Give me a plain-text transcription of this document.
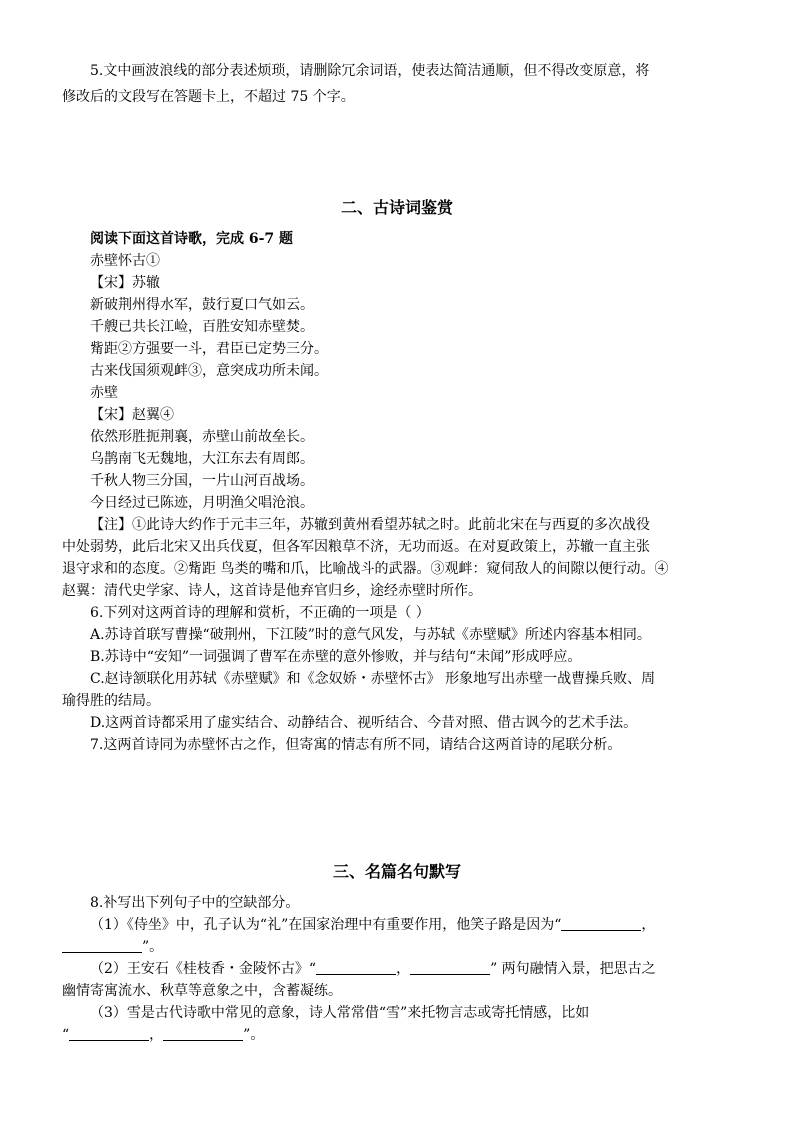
5.文中画波浪线的部分表述烦琐，请删除冗余词语，使表达简洁通顺，但不得改变原意，将
修改后的文段写在答题卡上，不超过 75 个字。
二、古诗词鉴赏
阅读下面这首诗歌，完成 6-7 题
赤壁怀古①
【宋】苏辙
新破荆州得水军，鼓行夏口气如云。
千艘已共长江崄，百胜安知赤壁焚。
觜距②方强要一斗，君臣已定势三分。
古来伐国须观衅③，意突成功所未闻。
赤壁
【宋】赵翼④
依然形胜扼荆襄，赤壁山前故垒长。
乌鹊南飞无魏地，大江东去有周郎。
千秋人物三分国，一片山河百战场。
今日经过已陈迹，月明渔父唱沧浪。
【注】①此诗大约作于元丰三年，苏辙到黄州看望苏轼之时。此前北宋在与西夏的多次战役
中处弱势，此后北宋又出兵伐夏，但各军因粮草不济，无功而返。在对夏政策上，苏辙一直主张
退守求和的态度。②觜距 鸟类的嘴和爪，比喻战斗的武器。③观衅：窥伺敌人的间隙以便行动。④
赵翼：清代史学家、诗人，这首诗是他弃官归乡，途经赤壁时所作。
6.下列对这两首诗的理解和赏析，不正确的一项是（ ）
A.苏诗首联写曹操“破荆州，下江陵”时的意气风发，与苏轼《赤壁赋》所述内容基本相同。
B.苏诗中“安知”一词强调了曹军在赤壁的意外惨败，并与结句“未闻”形成呼应。
C.赵诗颔联化用苏轼《赤壁赋》和《念奴娇・赤壁怀古》 形象地写出赤壁一战曹操兵败、周
瑜得胜的结局。
D.这两首诗都采用了虚实结合、动静结合、视听结合、今昔对照、借古讽今的艺术手法。
7.这两首诗同为赤壁怀古之作，但寄寓的情志有所不同，请结合这两首诗的尾联分析。
三、名篇名句默写
8.补写出下列句子中的空缺部分。
（1）《侍坐》中，孔子认为“礼”在国家治理中有重要作用，他笑子路是因为“	，
”。
（2）王安石《桂枝香・金陵怀古》“	，	” 两句融情入景，把思古之
幽情寄寓流水、秋草等意象之中，含蓄凝练。
（3）雪是古代诗歌中常见的意象，诗人常常借“雪”来托物言志或寄托情感，比如
“	，	”。
